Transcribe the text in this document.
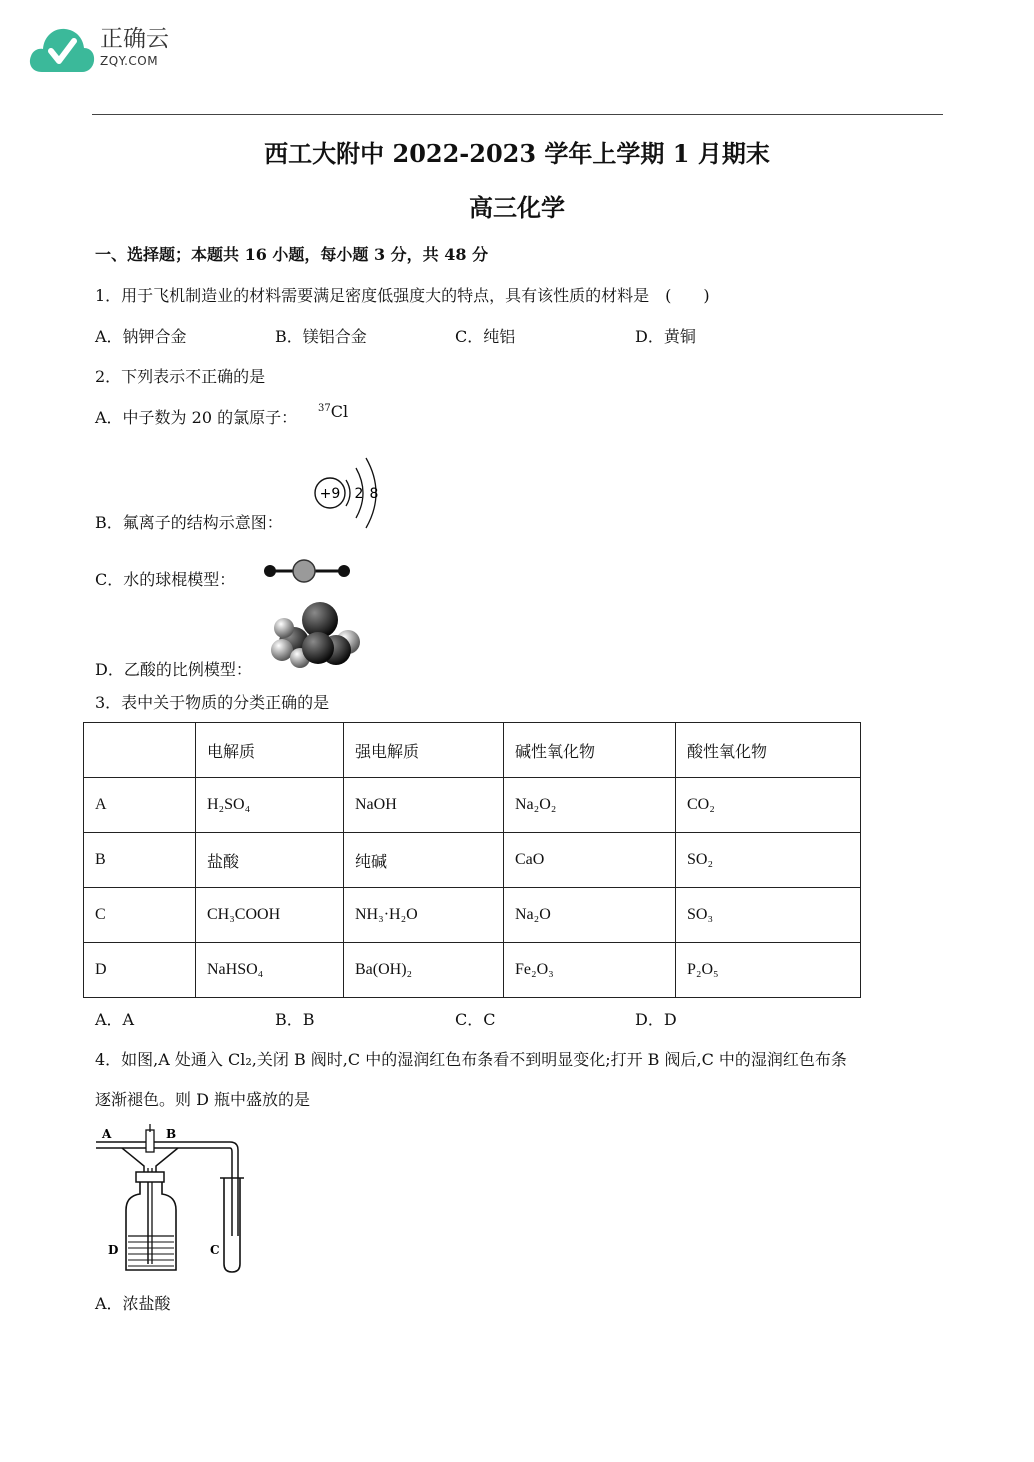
正确云
ZQY.COM
西工大附中 2022-2023 学年上学期 1 月期末
高三化学
一、选择题；本题共 16 小题，每小题 3 分，共 48 分
1．用于飞机制造业的材料需要满足密度低强度大的特点，具有该性质的材料是　(　　)
A．钠钾合金	B．镁铝合金	C．纯铝	D．黄铜
2．下列表示不正确的是
A．中子数为 20 的氯原子： $^{37}$Cl
B．氟离子的结构示意图：
+9 2 8
C．水的球棍模型：
D．乙酸的比例模型：
3．表中关于物质的分类正确的是
	电解质	强电解质	碱性氧化物	酸性氧化物
A	H₂SO₄	NaOH	Na₂O₂	CO₂
B	盐酸	纯碱	CaO	SO₂
C	CH₃COOH	NH₃·H₂O	Na₂O	SO₃
D	NaHSO₄	Ba(OH)₂	Fe₂O₃	P₂O₅
A．A	B．B	C．C	D．D
4．如图,A 处通入 Cl₂,关闭 B 阀时,C 中的湿润红色布条看不到明显变化;打开 B 阀后,C 中的湿润红色布条
逐渐褪色。则 D 瓶中盛放的是
A	B
D	C
A．浓盐酸
